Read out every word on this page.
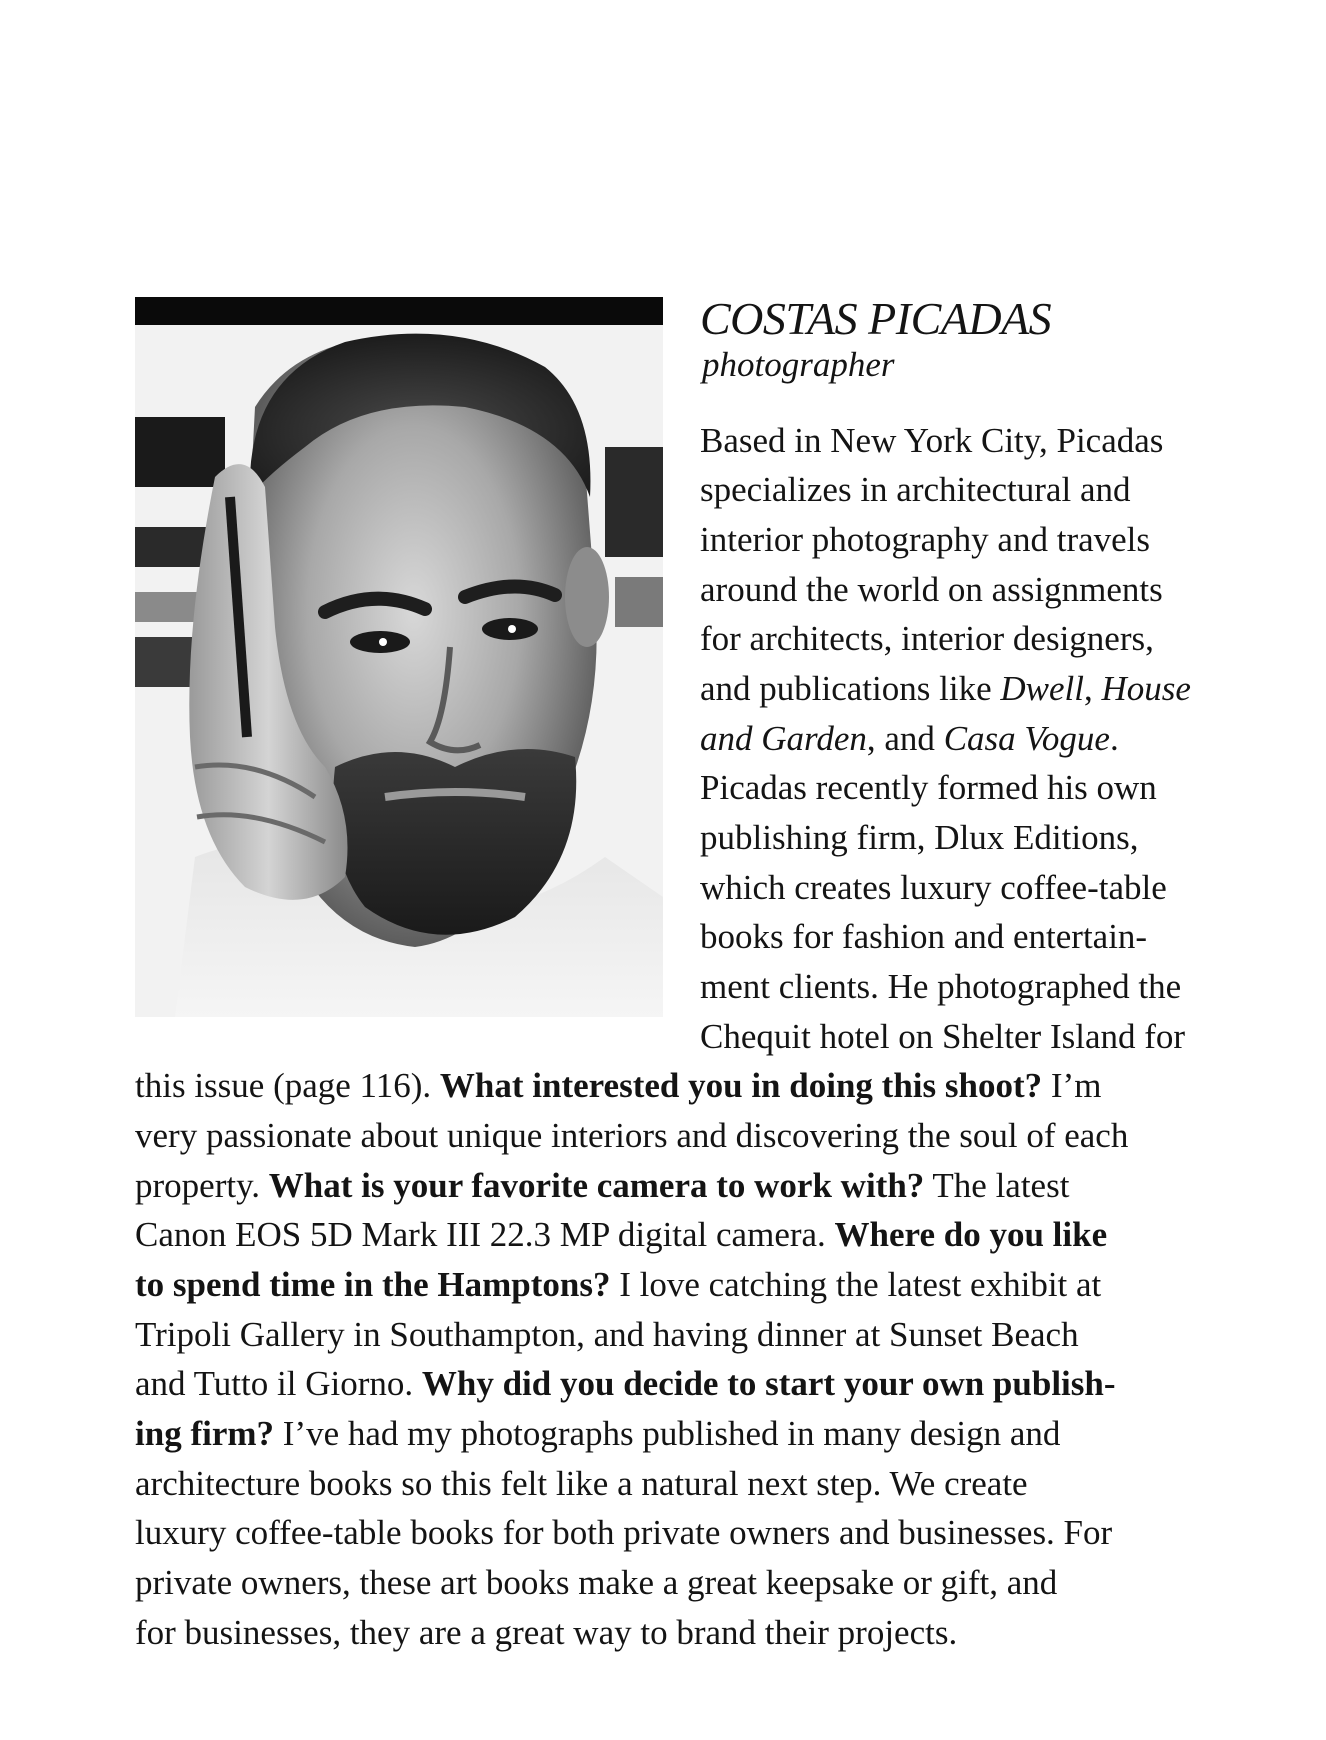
COSTAS PICADAS
photographer
Based in New York City, Picadas
specializes in architectural and
interior photography and travels
around the world on assignments
for architects, interior designers,
and publications like Dwell, House
and Garden, and Casa Vogue.
Picadas recently formed his own
publishing firm, Dlux Editions,
which creates luxury coffee-table
books for fashion and entertain-
ment clients. He photographed the
Chequit hotel on Shelter Island for
this issue (page 116). What interested you in doing this shoot? I’m
very passionate about unique interiors and discovering the soul of each
property. What is your favorite camera to work with? The latest
Canon EOS 5D Mark III 22.3 MP digital camera. Where do you like
to spend time in the Hamptons? I love catching the latest exhibit at
Tripoli Gallery in Southampton, and having dinner at Sunset Beach
and Tutto il Giorno. Why did you decide to start your own publish-
ing firm? I’ve had my photographs published in many design and
architecture books so this felt like a natural next step. We create
luxury coffee-table books for both private owners and businesses. For
private owners, these art books make a great keepsake or gift, and
for businesses, they are a great way to brand their projects.
